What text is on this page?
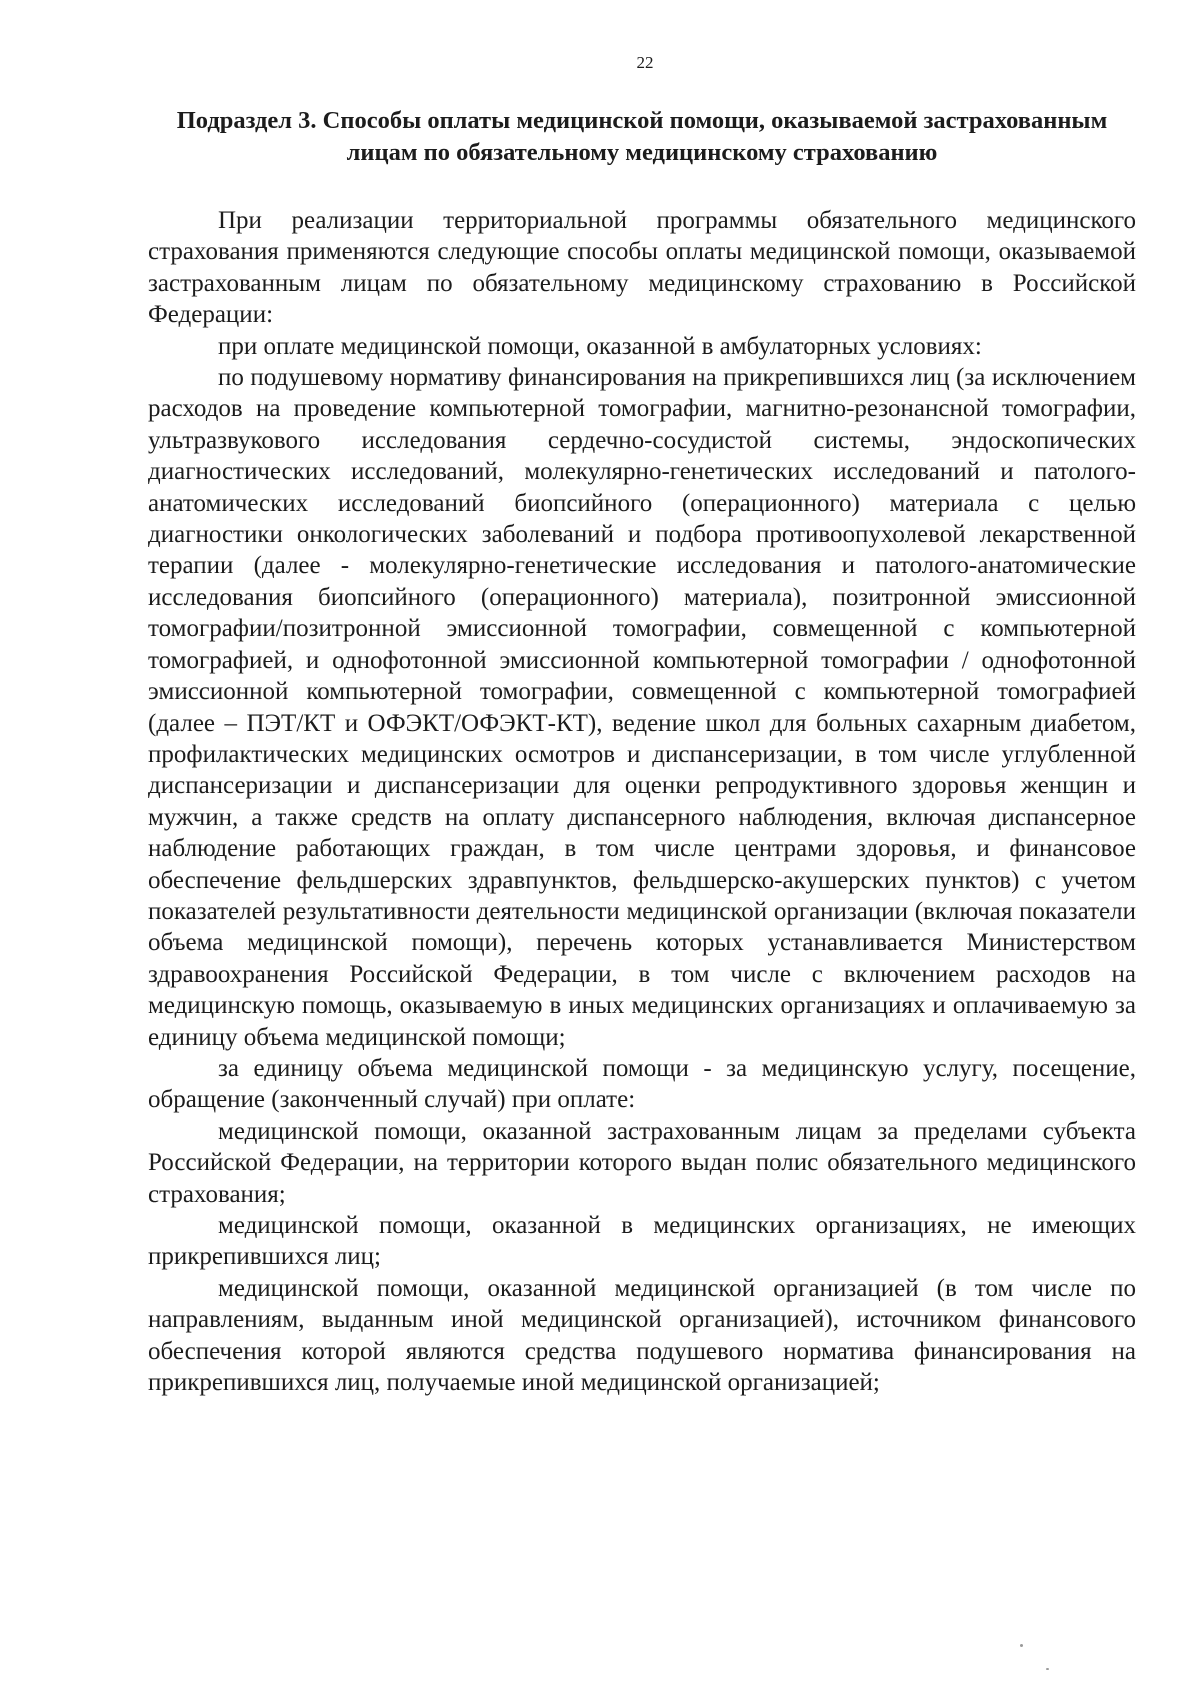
22
Подраздел 3. Способы оплаты медицинской помощи, оказываемой застрахованным лицам по обязательному медицинскому страхованию

При реализации территориальной программы обязательного медицинского страхования применяются следующие способы оплаты медицинской помощи, оказываемой застрахованным лицам по обязательному медицинскому страхованию в Российской Федерации:

при оплате медицинской помощи, оказанной в амбулаторных условиях:

по подушевому нормативу финансирования на прикрепившихся лиц (за исключением расходов на проведение компьютерной томографии, магнитно-резонансной томографии, ультразвукового исследования сердечно-сосудистой системы, эндоскопических диагностических исследований, молекулярно-генетических исследований и патолого-анатомических исследований биопсийного (операционного) материала с целью диагностики онкологических заболеваний и подбора противоопухолевой лекарственной терапии (далее - молекулярно-генетические исследования и патолого-анатомические исследования биопсийного (операционного) материала), позитронной эмиссионной томографии/позитронной эмиссионной томографии, совмещенной с компьютерной томографией, и однофотонной эмиссионной компьютерной томографии / однофотонной эмиссионной компьютерной томографии, совмещенной с компьютерной томографией (далее – ПЭТ/КТ и ОФЭКТ/ОФЭКТ-КТ), ведение школ для больных сахарным диабетом, профилактических медицинских осмотров и диспансеризации, в том числе углубленной диспансеризации и диспансеризации для оценки репродуктивного здоровья женщин и мужчин, а также средств на оплату диспансерного наблюдения, включая диспансерное наблюдение работающих граждан, в том числе центрами здоровья, и финансовое обеспечение фельдшерских здравпунктов, фельдшерско-акушерских пунктов) с учетом показателей результативности деятельности медицинской организации (включая показатели объема медицинской помощи), перечень которых устанавливается Министерством здравоохранения Российской Федерации, в том числе с включением расходов на медицинскую помощь, оказываемую в иных медицинских организациях и оплачиваемую за единицу объема медицинской помощи;

за единицу объема медицинской помощи - за медицинскую услугу, посещение, обращение (законченный случай) при оплате:

медицинской помощи, оказанной застрахованным лицам за пределами субъекта Российской Федерации, на территории которого выдан полис обязательного медицинского страхования;

медицинской помощи, оказанной в медицинских организациях, не имеющих прикрепившихся лиц;

медицинской помощи, оказанной медицинской организацией (в том числе по направлениям, выданным иной медицинской организацией), источником финансового обеспечения которой являются средства подушевого норматива финансирования на прикрепившихся лиц, получаемые иной медицинской организацией;
